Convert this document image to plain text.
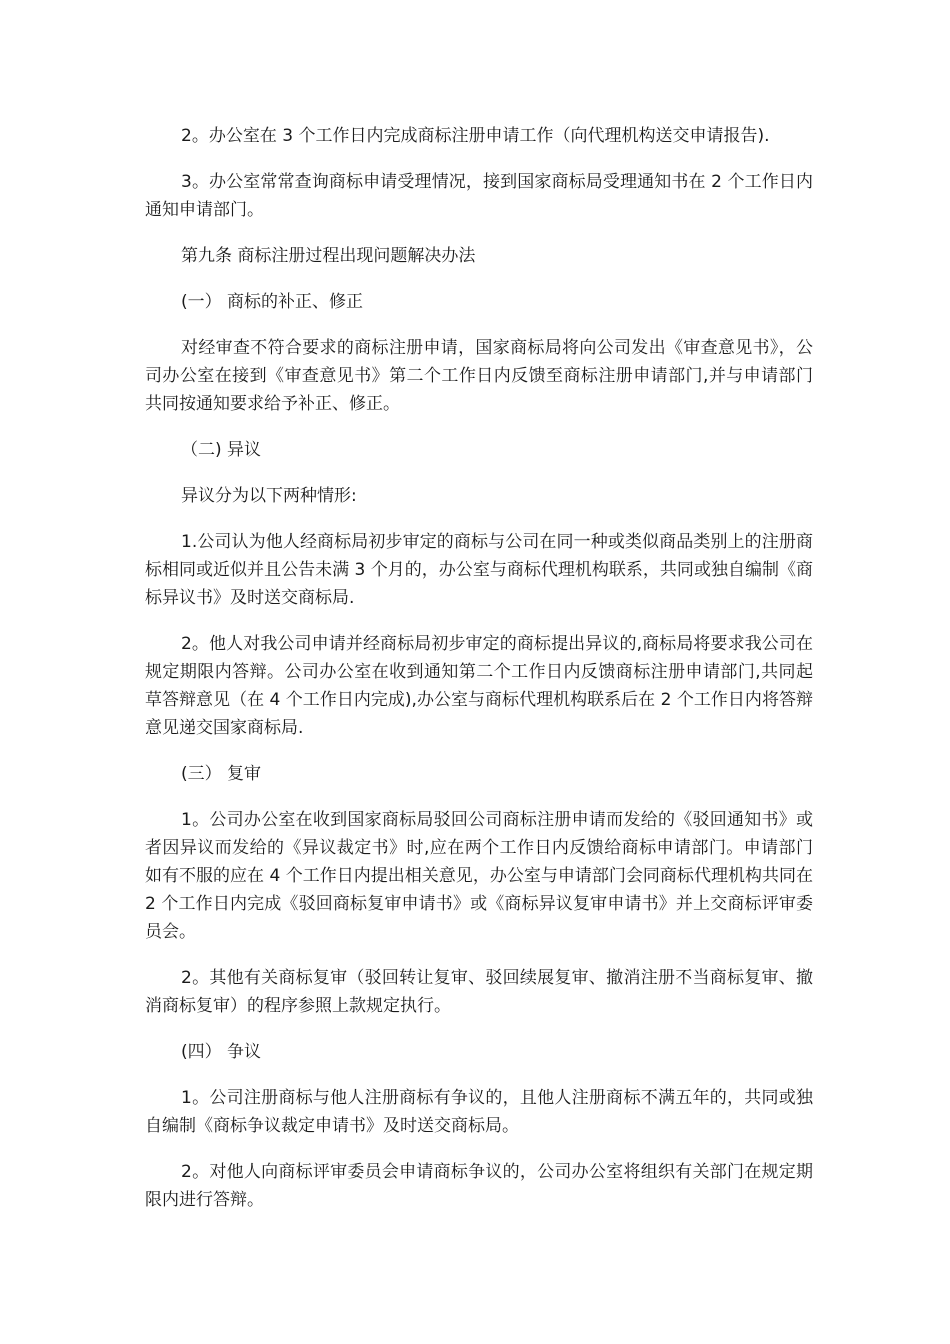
2。办公室在 3 个工作日内完成商标注册申请工作（向代理机构送交申请报告).

3。办公室常常查询商标申请受理情况，接到国家商标局受理通知书在 2 个工作日内通知申请部门。

第九条 商标注册过程出现问题解决办法

(一） 商标的补正、修正

对经审查不符合要求的商标注册申请，国家商标局将向公司发出《审查意见书》，公司办公室在接到《审查意见书》第二个工作日内反馈至商标注册申请部门,并与申请部门共同按通知要求给予补正、修正。

（二) 异议

异议分为以下两种情形:

1.公司认为他人经商标局初步审定的商标与公司在同一种或类似商品类别上的注册商标相同或近似并且公告未满 3 个月的，办公室与商标代理机构联系，共同或独自编制《商标异议书》及时送交商标局.

2。他人对我公司申请并经商标局初步审定的商标提出异议的,商标局将要求我公司在规定期限内答辩。公司办公室在收到通知第二个工作日内反馈商标注册申请部门,共同起草答辩意见（在 4 个工作日内完成),办公室与商标代理机构联系后在 2 个工作日内将答辩意见递交国家商标局.

(三） 复审

1。公司办公室在收到国家商标局驳回公司商标注册申请而发给的《驳回通知书》或者因异议而发给的《异议裁定书》时,应在两个工作日内反馈给商标申请部门。申请部门如有不服的应在 4 个工作日内提出相关意见，办公室与申请部门会同商标代理机构共同在 2 个工作日内完成《驳回商标复审申请书》或《商标异议复审申请书》并上交商标评审委员会。

2。其他有关商标复审（驳回转让复审、驳回续展复审、撤消注册不当商标复审、撤消商标复审）的程序参照上款规定执行。

(四） 争议

1。公司注册商标与他人注册商标有争议的，且他人注册商标不满五年的，共同或独自编制《商标争议裁定申请书》及时送交商标局。

2。对他人向商标评审委员会申请商标争议的，公司办公室将组织有关部门在规定期限内进行答辩。
